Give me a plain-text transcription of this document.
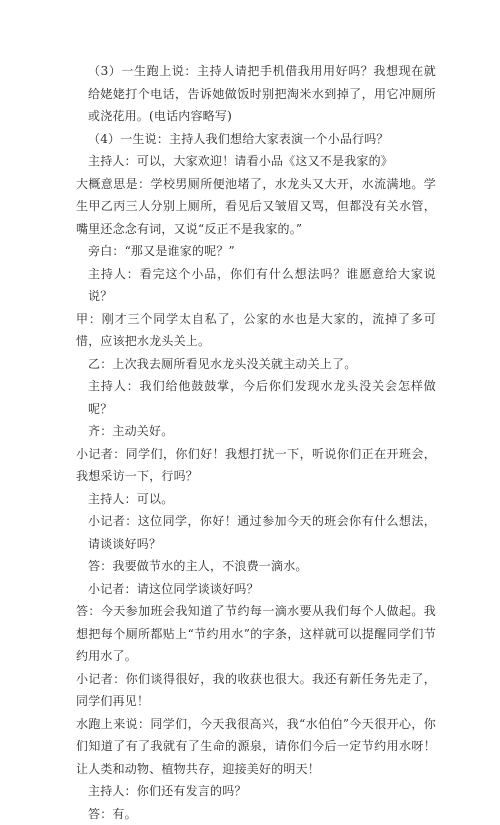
（3）一生跑上说：主持人请把手机借我用用好吗？我想现在就给姥姥打个电话，告诉她做饭时别把淘米水到掉了，用它冲厕所或浇花用。(电话内容略写)

（4）一生说：主持人我们想给大家表演一个小品行吗？

主持人：可以，大家欢迎！请看小品《这又不是我家的》

大概意思是：学校男厕所便池堵了，水龙头又大开，水流满地。学生甲乙丙三人分别上厕所，看见后又皱眉又骂，但都没有关水管，嘴里还念念有词，又说“反正不是我家的。”

旁白：“那又是谁家的呢？”

主持人：看完这个小品，你们有什么想法吗？谁愿意给大家说说？

甲：刚才三个同学太自私了，公家的水也是大家的，流掉了多可惜，应该把水龙头关上。

乙：上次我去厕所看见水龙头没关就主动关上了。

主持人：我们给他鼓鼓掌，今后你们发现水龙头没关会怎样做呢？

齐：主动关好。

小记者：同学们，你们好！我想打扰一下，听说你们正在开班会，我想采访一下，行吗？

主持人：可以。

小记者：这位同学，你好！通过参加今天的班会你有什么想法，请谈谈好吗？

答：我要做节水的主人，不浪费一滴水。

小记者：请这位同学谈谈好吗？

答：今天参加班会我知道了节约每一滴水要从我们每个人做起。我想把每个厕所都贴上“节约用水”的字条，这样就可以提醒同学们节约用水了。

小记者：你们谈得很好，我的收获也很大。我还有新任务先走了，同学们再见！

水跑上来说：同学们，今天我很高兴，我“水伯伯”今天很开心，你们知道了有了我就有了生命的源泉，请你们今后一定节约用水呀！让人类和动物、植物共存，迎接美好的明天！

主持人：你们还有发言的吗？

答：有。
